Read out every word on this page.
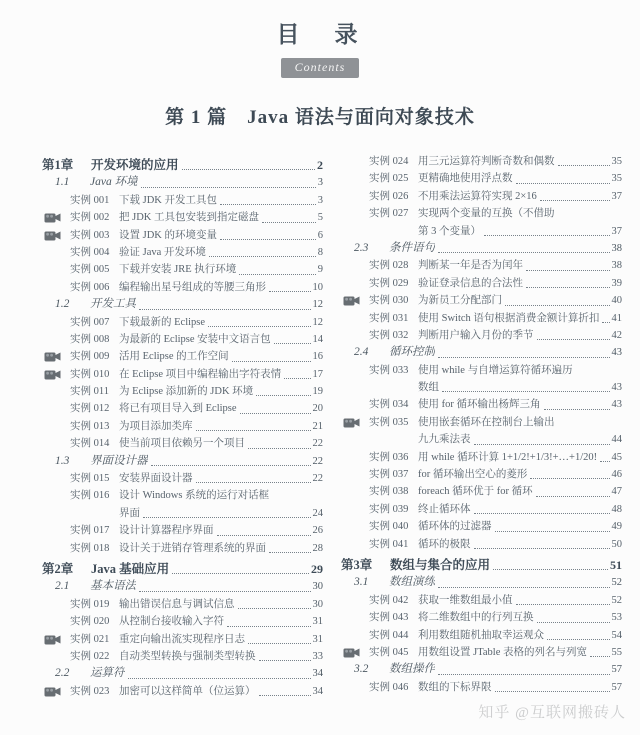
目　录
Contents
第 1 篇　Java 语法与面向对象技术
第1章	开发环境的应用	2
1.1	Java 环境	3
实例 001 下载 JDK 开发工具包	3
实例 002 把 JDK 工具包安装到指定磁盘	5
实例 003 设置 JDK 的环境变量	6
实例 004 验证 Java 开发环境	8
实例 005 下载并安装 JRE 执行环境	9
实例 006 编程输出星号组成的等腰三角形	10
1.2	开发工具	12
实例 007 下载最新的 Eclipse	12
实例 008 为最新的 Eclipse 安装中文语言包	14
实例 009 活用 Eclipse 的工作空间	16
实例 010 在 Eclipse 项目中编程输出字符表情	17
实例 011 为 Eclipse 添加新的 JDK 环境	19
实例 012 将已有项目导入到 Eclipse	20
实例 013 为项目添加类库	21
实例 014 使当前项目依赖另一个项目	22
1.3	界面设计器	22
实例 015 安装界面设计器	22
实例 016 设计 Windows 系统的运行对话框
界面	24
实例 017 设计计算器程序界面	26
实例 018 设计关于进销存管理系统的界面	28
第2章	Java 基础应用	29
2.1	基本语法	30
实例 019 输出错误信息与调试信息	30
实例 020 从控制台接收输入字符	31
实例 021 重定向输出流实现程序日志	31
实例 022 自动类型转换与强制类型转换	33
2.2	运算符	34
实例 023 加密可以这样简单（位运算）	34
实例 024 用三元运算符判断奇数和偶数	35
实例 025 更精确地使用浮点数	35
实例 026 不用乘法运算符实现 2×16	37
实例 027 实现两个变量的互换（不借助
第 3 个变量）	37
2.3	条件语句	38
实例 028 判断某一年是否为闰年	38
实例 029 验证登录信息的合法性	39
实例 030 为新员工分配部门	40
实例 031 使用 Switch 语句根据消费金额计算折扣 41
实例 032 判断用户输入月份的季节	42
2.4	循环控制	43
实例 033 使用 while 与自增运算符循环遍历
数组	43
实例 034 使用 for 循环输出杨辉三角	43
实例 035 使用嵌套循环在控制台上输出
九九乘法表	44
实例 036 用 while 循环计算 1+1/2!+1/3!+…+1/20! 45
实例 037 for 循环输出空心的菱形	46
实例 038 foreach 循环优于 for 循环	47
实例 039 终止循环体	48
实例 040 循环体的过滤器	49
实例 041 循环的极限	50
第3章	数组与集合的应用	51
3.1	数组演练	52
实例 042 获取一维数组最小值	52
实例 043 将二维数组中的行列互换	53
实例 044 利用数组随机抽取幸运观众	54
实例 045 用数组设置 JTable 表格的列名与列宽 55
3.2	数组操作	57
实例 046 数组的下标界限	57
知乎 @互联网搬砖人
